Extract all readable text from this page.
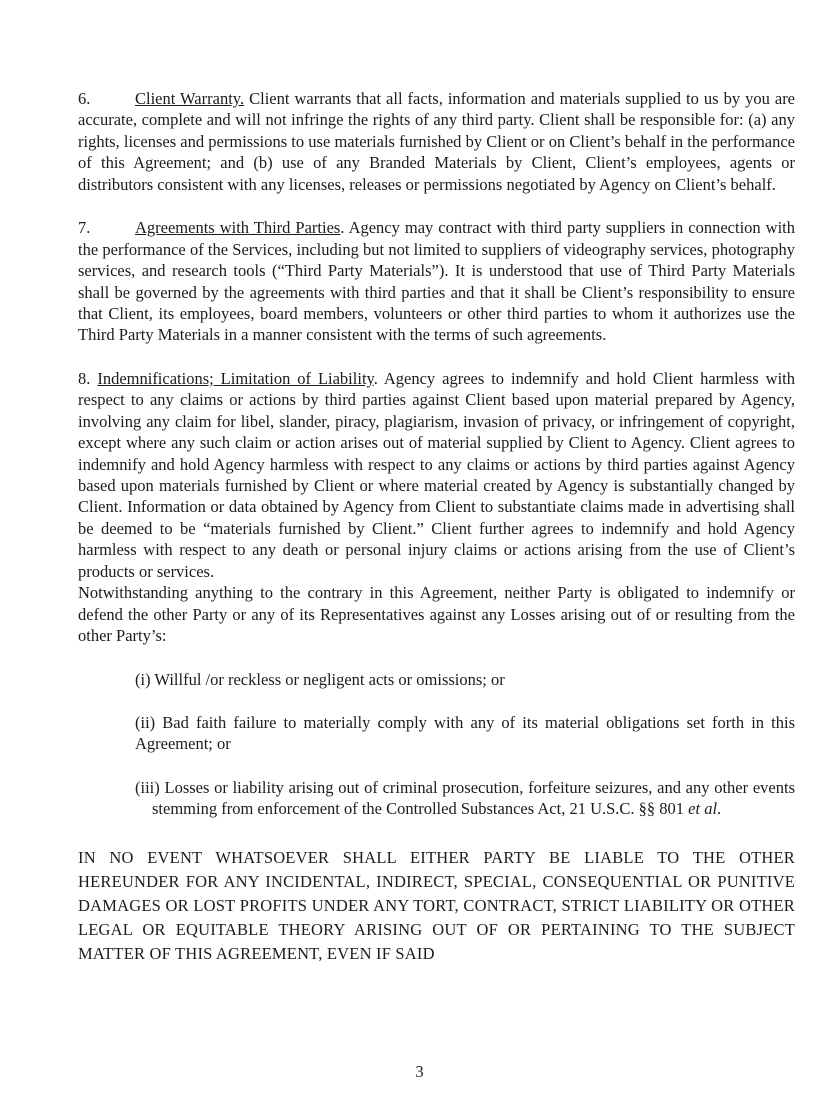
6.	Client Warranty. Client warrants that all facts, information and materials supplied to us by you are accurate, complete and will not infringe the rights of any third party. Client shall be responsible for: (a) any rights, licenses and permissions to use materials furnished by Client or on Client’s behalf in the performance of this Agreement; and (b) use of any Branded Materials by Client, Client’s employees, agents or distributors consistent with any licenses, releases or permissions negotiated by Agency on Client’s behalf.

7.	Agreements with Third Parties. Agency may contract with third party suppliers in connection with the performance of the Services, including but not limited to suppliers of videography services, photography services, and research tools (“Third Party Materials”). It is understood that use of Third Party Materials shall be governed by the agreements with third parties and that it shall be Client’s responsibility to ensure that Client, its employees, board members, volunteers or other third parties to whom it authorizes use the Third Party Materials in a manner consistent with the terms of such agreements.

8. Indemnifications; Limitation of Liability. Agency agrees to indemnify and hold Client harmless with respect to any claims or actions by third parties against Client based upon material prepared by Agency, involving any claim for libel, slander, piracy, plagiarism, invasion of privacy, or infringement of copyright, except where any such claim or action arises out of material supplied by Client to Agency. Client agrees to indemnify and hold Agency harmless with respect to any claims or actions by third parties against Agency based upon materials furnished by Client or where material created by Agency is substantially changed by Client. Information or data obtained by Agency from Client to substantiate claims made in advertising shall be deemed to be “materials furnished by Client.” Client further agrees to indemnify and hold Agency harmless with respect to any death or personal injury claims or actions arising from the use of Client’s products or services.

Notwithstanding anything to the contrary in this Agreement, neither Party is obligated to indemnify or defend the other Party or any of its Representatives against any Losses arising out of or resulting from the other Party’s:

(i) Willful /or reckless or negligent acts or omissions; or
(ii) Bad faith failure to materially comply with any of its material obligations set forth in this Agreement; or
(iii) Losses or liability arising out of criminal prosecution, forfeiture seizures, and any other events stemming from enforcement of the Controlled Substances Act, 21 U.S.C. §§ 801 et al.

IN NO EVENT WHATSOEVER SHALL EITHER PARTY BE LIABLE TO THE OTHER HEREUNDER FOR ANY INCIDENTAL, INDIRECT, SPECIAL, CONSEQUENTIAL OR PUNITIVE DAMAGES OR LOST PROFITS UNDER ANY TORT, CONTRACT, STRICT LIABILITY OR OTHER LEGAL OR EQUITABLE THEORY ARISING OUT OF OR PERTAINING TO THE SUBJECT MATTER OF THIS AGREEMENT, EVEN IF SAID

3
